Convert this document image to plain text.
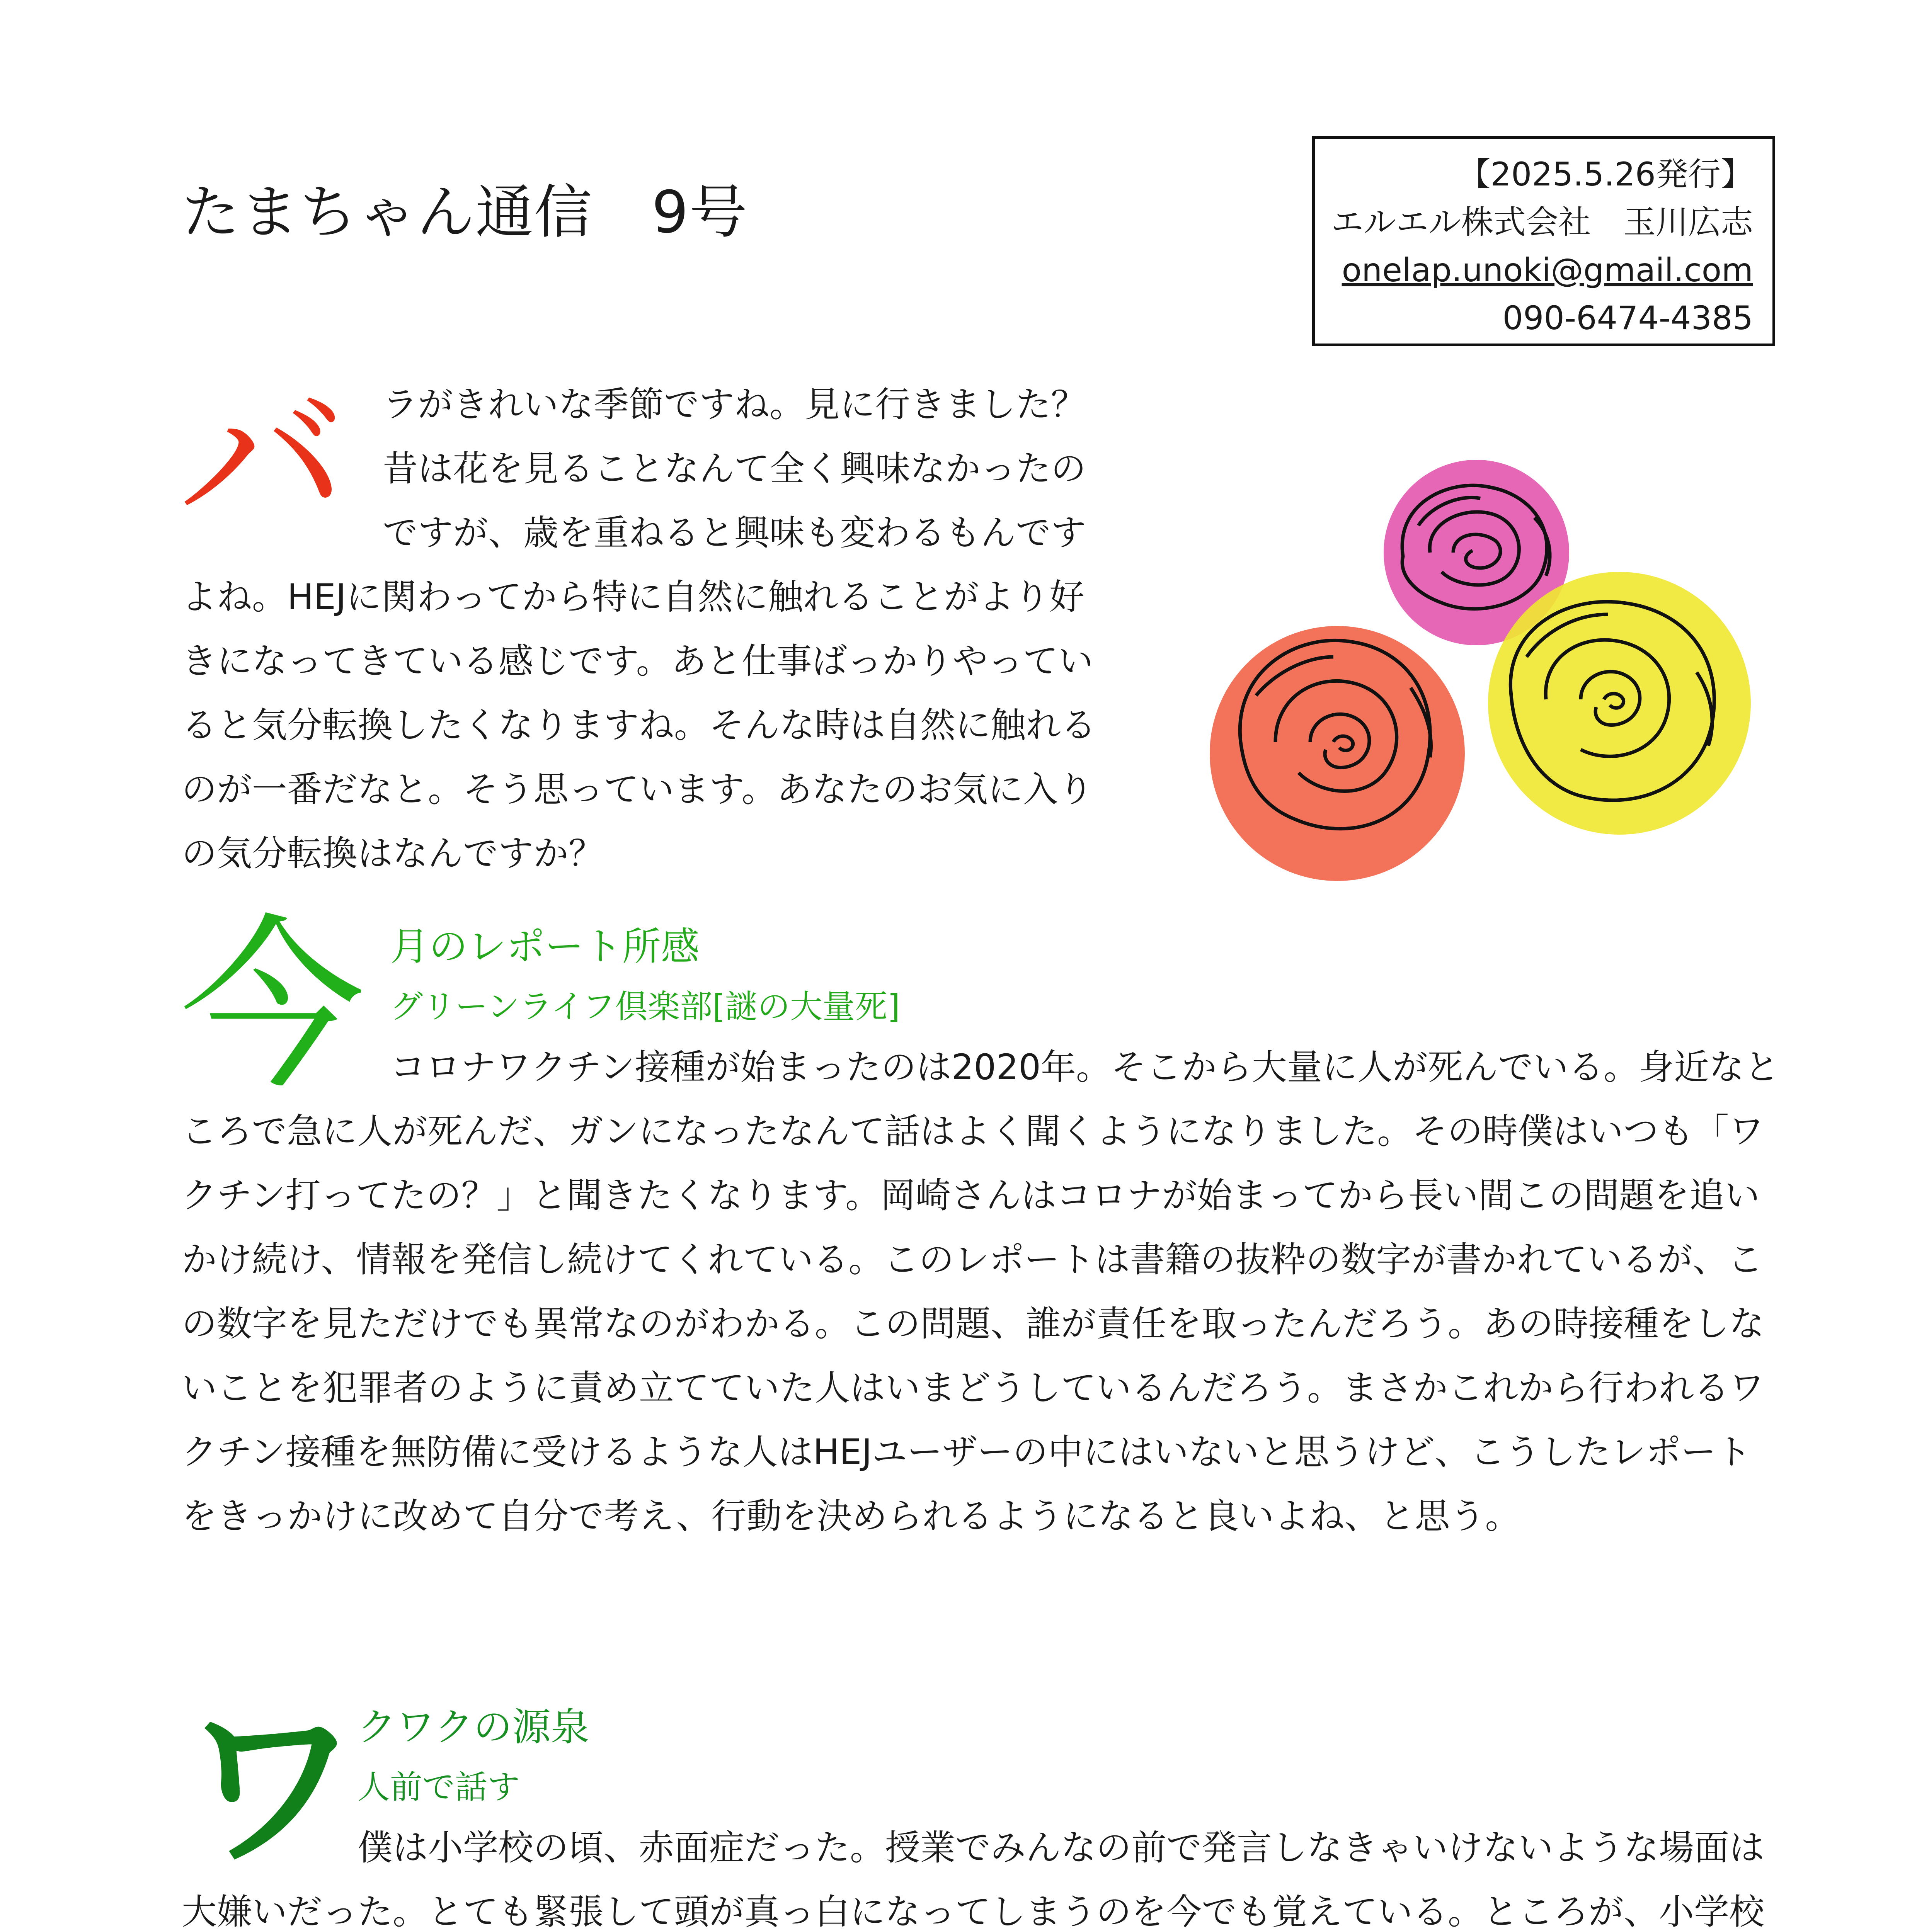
たまちゃん通信　9号
【2025.5.26発行】
エルエル株式会社　玉川広志
onelap.unoki@gmail.com
090-6474-4385
バ ラがきれいな季節ですね。見に行きました？昔は花を見ることなんて全く興味なかったのですが、歳を重ねると興味も変わるもんですよね。HEJに関わってから特に自然に触れることがより好きになってきている感じです。あと仕事ばっかりやっていると気分転換したくなりますね。そんな時は自然に触れるのが一番だなと。そう思っています。あなたのお気に入りの気分転換はなんですか？

今 月のレポート所感
グリーンライフ倶楽部[謎の大量死]

コロナワクチン接種が始まったのは2020年。そこから大量に人が死んでいる。身近なところで急に人が死んだ、ガンになったなんて話はよく聞くようになりました。その時僕はいつも「ワクチン打ってたの？」と聞きたくなります。岡崎さんはコロナが始まってから長い間この問題を追いかけ続け、情報を発信し続けてくれている。このレポートは書籍の抜粋の数字が書かれているが、この数字を見ただけでも異常なのがわかる。この問題、誰が責任を取ったんだろう。あの時接種をしないことを犯罪者のように責め立てていた人はいまどうしているんだろう。まさかこれから行われるワクチン接種を無防備に受けるような人はHEJユーザーの中にはいないと思うけど、こうしたレポートをきっかけに改めて自分で考え、行動を決められるようになると良いよね、と思う。

ワ
クワクの源泉
人前で話す

僕は小学校の頃、赤面症だった。授業でみんなの前で発言しなきゃいけないような場面は大嫌いだった。とても緊張して頭が真っ白になってしまうのを今でも覚えている。ところが、小学校
